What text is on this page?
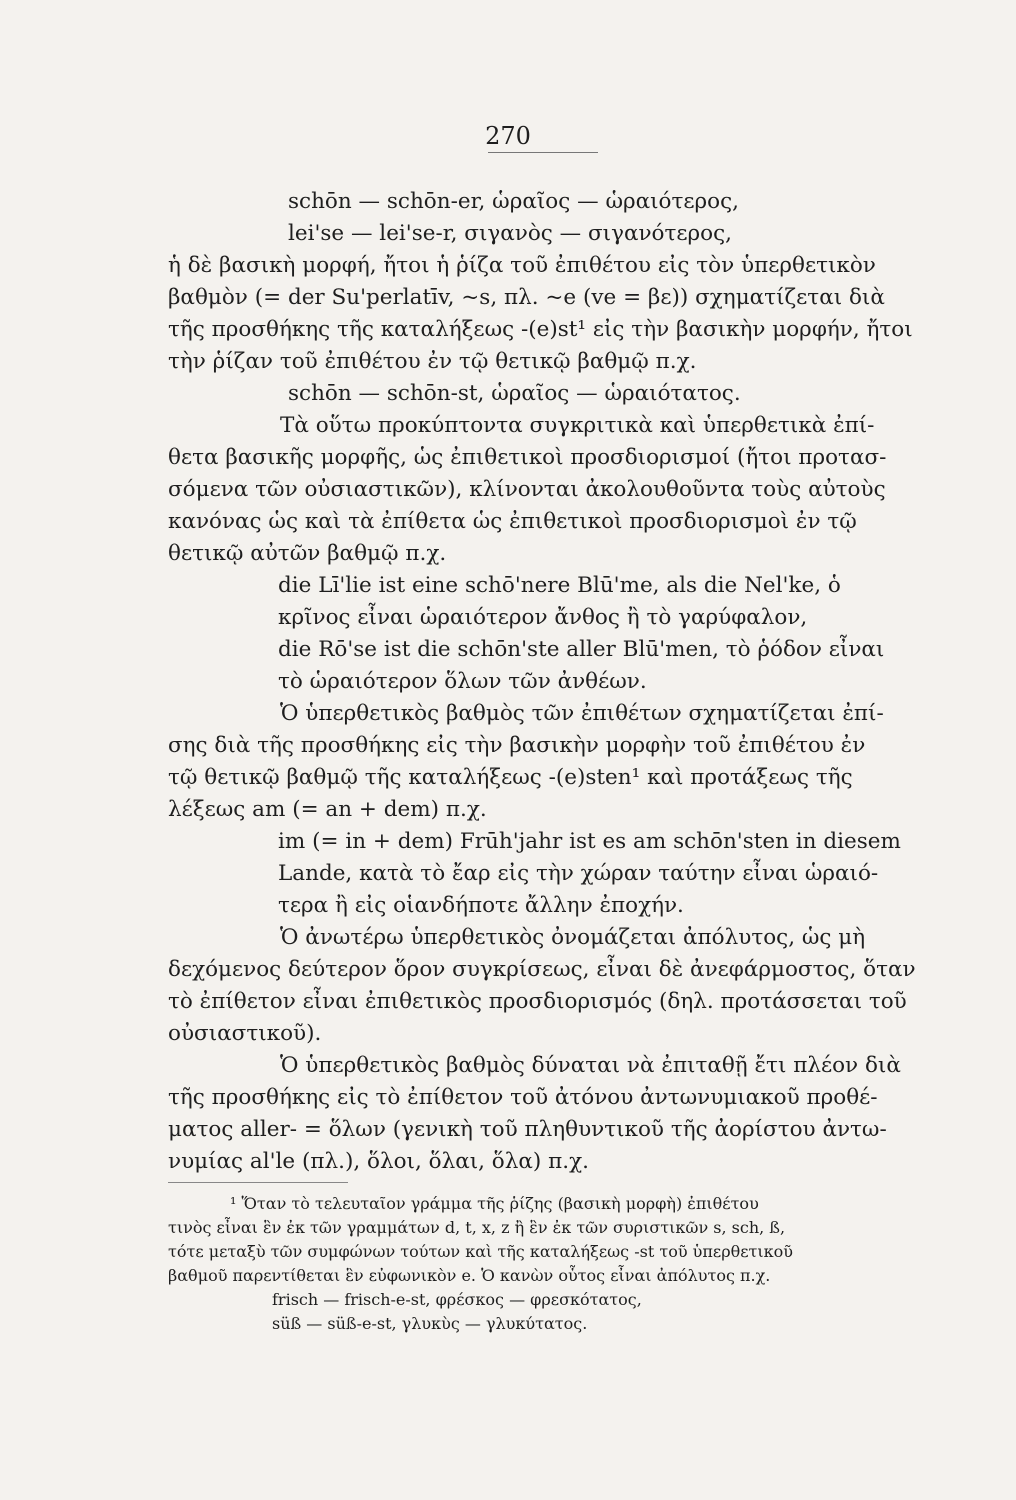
270
schōn — schōn-er, ὡραῖος — ὡραιότερος,
lei'se — lei'se-r, σιγανὸς — σιγανότερος,
ἡ δὲ βασικὴ μορφή, ἤτοι ἡ ῥίζα τοῦ ἐπιθέτου εἰς τὸν ὑπερθετικὸν
βαθμὸν (= der Su'perlatīv, ~s, πλ. ~e (ve = βε)) σχηματίζεται διὰ
τῆς προσθήκης τῆς καταλήξεως -(e)st¹ εἰς τὴν βασικὴν μορφήν, ἤτοι
τὴν ῥίζαν τοῦ ἐπιθέτου ἐν τῷ θετικῷ βαθμῷ π.χ.
schōn — schōn-st, ὡραῖος — ὡραιότατος.
Τὰ οὕτω προκύπτοντα συγκριτικὰ καὶ ὑπερθετικὰ ἐπί-
θετα βασικῆς μορφῆς, ὡς ἐπιθετικοὶ προσδιορισμοί (ἤτοι προτασ-
σόμενα τῶν οὐσιαστικῶν), κλίνονται ἀκολουθοῦντα τοὺς αὐτοὺς
κανόνας ὡς καὶ τὰ ἐπίθετα ὡς ἐπιθετικοὶ προσδιορισμοὶ ἐν τῷ
θετικῷ αὐτῶν βαθμῷ π.χ.
die Lī'lie ist eine schō'nere Blū'me, als die Nel'ke, ὁ
κρῖνος εἶναι ὡραιότερον ἄνθος ἢ τὸ γαρύφαλον,
die Rō'se ist die schōn'ste aller Blū'men, τὸ ῥόδον εἶναι
τὸ ὡραιότερον ὅλων τῶν ἀνθέων.
Ὁ ὑπερθετικὸς βαθμὸς τῶν ἐπιθέτων σχηματίζεται ἐπί-
σης διὰ τῆς προσθήκης εἰς τὴν βασικὴν μορφὴν τοῦ ἐπιθέτου ἐν
τῷ θετικῷ βαθμῷ τῆς καταλήξεως -(e)sten¹ καὶ προτάξεως τῆς
λέξεως am (= an + dem) π.χ.
im (= in + dem) Frūh'jahr ist es am schōn'sten in diesem
Lande, κατὰ τὸ ἔαρ εἰς τὴν χώραν ταύτην εἶναι ὡραιό-
τερα ἢ εἰς οἱανδήποτε ἄλλην ἐποχήν.
Ὁ ἀνωτέρω ὑπερθετικὸς ὀνομάζεται ἀπόλυτος, ὡς μὴ
δεχόμενος δεύτερον ὅρον συγκρίσεως, εἶναι δὲ ἀνεφάρμοστος, ὅταν
τὸ ἐπίθετον εἶναι ἐπιθετικὸς προσδιορισμός (δηλ. προτάσσεται τοῦ
οὐσιαστικοῦ).
Ὁ ὑπερθετικὸς βαθμὸς δύναται νὰ ἐπιταθῇ ἔτι πλέον διὰ
τῆς προσθήκης εἰς τὸ ἐπίθετον τοῦ ἀτόνου ἀντωνυμιακοῦ προθέ-
ματος aller- = ὅλων (γενικὴ τοῦ πληθυντικοῦ τῆς ἀορίστου ἀντω-
νυμίας al'le (πλ.), ὅλοι, ὅλαι, ὅλα) π.χ.
¹ Ὅταν τὸ τελευταῖον γράμμα τῆς ῥίζης (βασικὴ μορφὴ) ἐπιθέτου
τινὸς εἶναι ἓν ἐκ τῶν γραμμάτων d, t, x, z ἢ ἓν ἐκ τῶν συριστικῶν s, sch, ß,
τότε μεταξὺ τῶν συμφώνων τούτων καὶ τῆς καταλήξεως -st τοῦ ὑπερθετικοῦ
βαθμοῦ παρεντίθεται ἓν εὐφωνικὸν e. Ὁ κανὼν οὗτος εἶναι ἀπόλυτος π.χ.
frisch — frisch-e-st, φρέσκος — φρεσκότατος,
süß — süß-e-st, γλυκὺς — γλυκύτατος.
